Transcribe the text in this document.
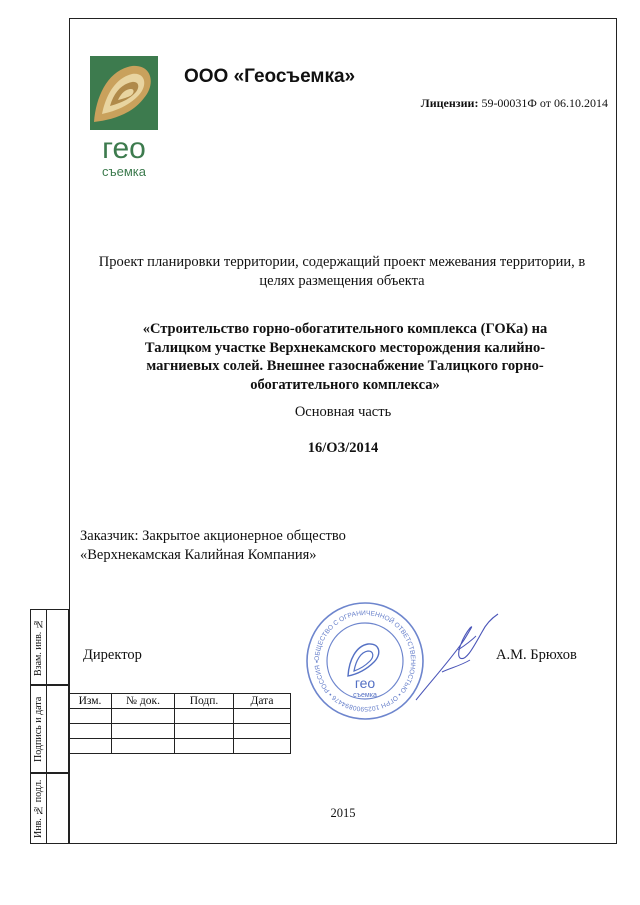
гео
съемка
ООО «Геосъемка»
Лицензии: 59-00031Ф от 06.10.2014
Проект планировки территории, содержащий проект межевания территории, в целях размещения объекта
«Строительство горно-обогатительного комплекса (ГОКа) на Талицком участке Верхнекамского месторождения калийно-магниевых солей. Внешнее газоснабжение Талицкого горно-обогатительного комплекса»
Основная часть
16/ОЗ/2014
Заказчик: Закрытое акционерное общество
«Верхнекамская Калийная Компания»
ОБЩЕСТВО С ОГРАНИЧЕННОЙ ОТВЕТСТВЕННОСТЬЮ • ОГРН 1025900894476 • РОССИЯ •
гео
съемка
Директор	А.М. Брюхов
Изм.	№ док.	Подп.	Дата

Взам. инв. №
Подпись и дата
Инв. № подл.	2015
